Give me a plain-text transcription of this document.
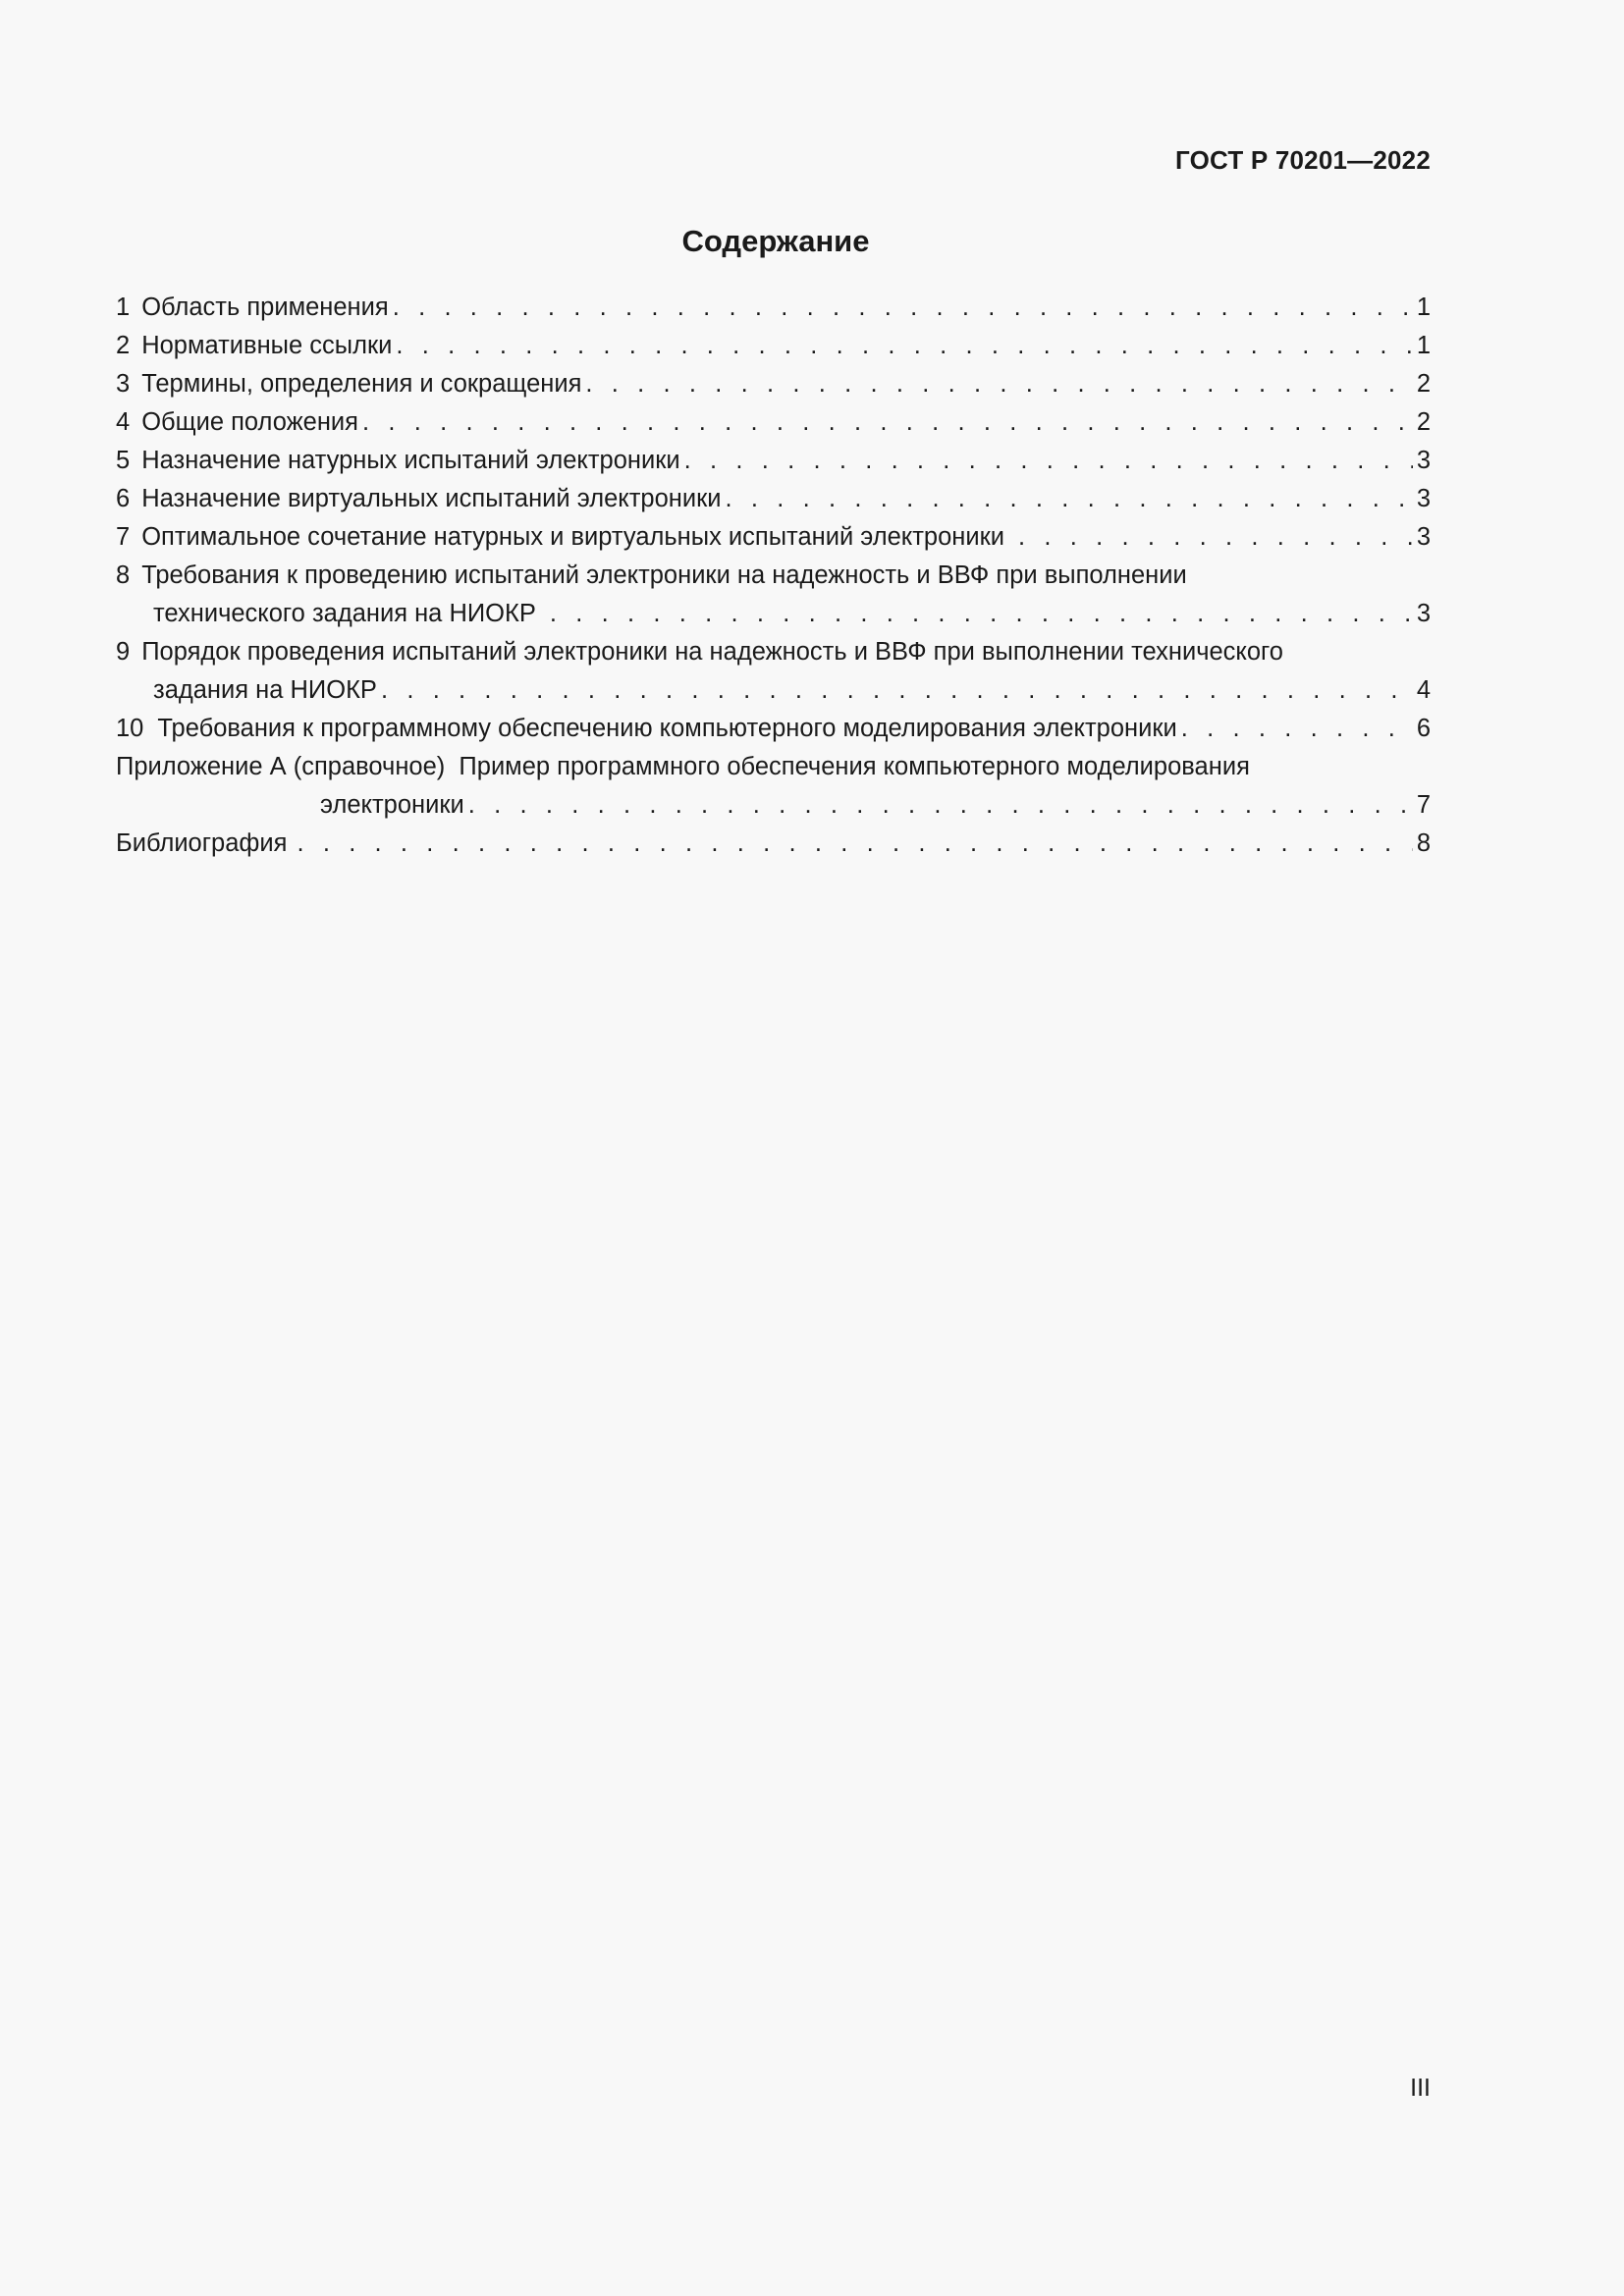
ГОСТ Р 70201—2022
Содержание
1 Область применения . . .	1
2 Нормативные ссылки . . .	1
3 Термины, определения и сокращения . . .	2
4 Общие положения . . .	2
5 Назначение натурных испытаний электроники . . .	3
6 Назначение виртуальных испытаний электроники . . .	3
7 Оптимальное сочетание натурных и виртуальных испытаний электроники . . .	3
8 Требования к проведению испытаний электроники на надежность и ВВФ при выполнении
технического задания на НИОКР . . .	3
9 Порядок проведения испытаний электроники на надежность и ВВФ при выполнении технического
задания на НИОКР . . .	4
10 Требования к программному обеспечению компьютерного моделирования электроники . . .	6
Приложение А (справочное)  Пример программного обеспечения компьютерного моделирования
электроники . . .	7
Библиография . . .	8
III
